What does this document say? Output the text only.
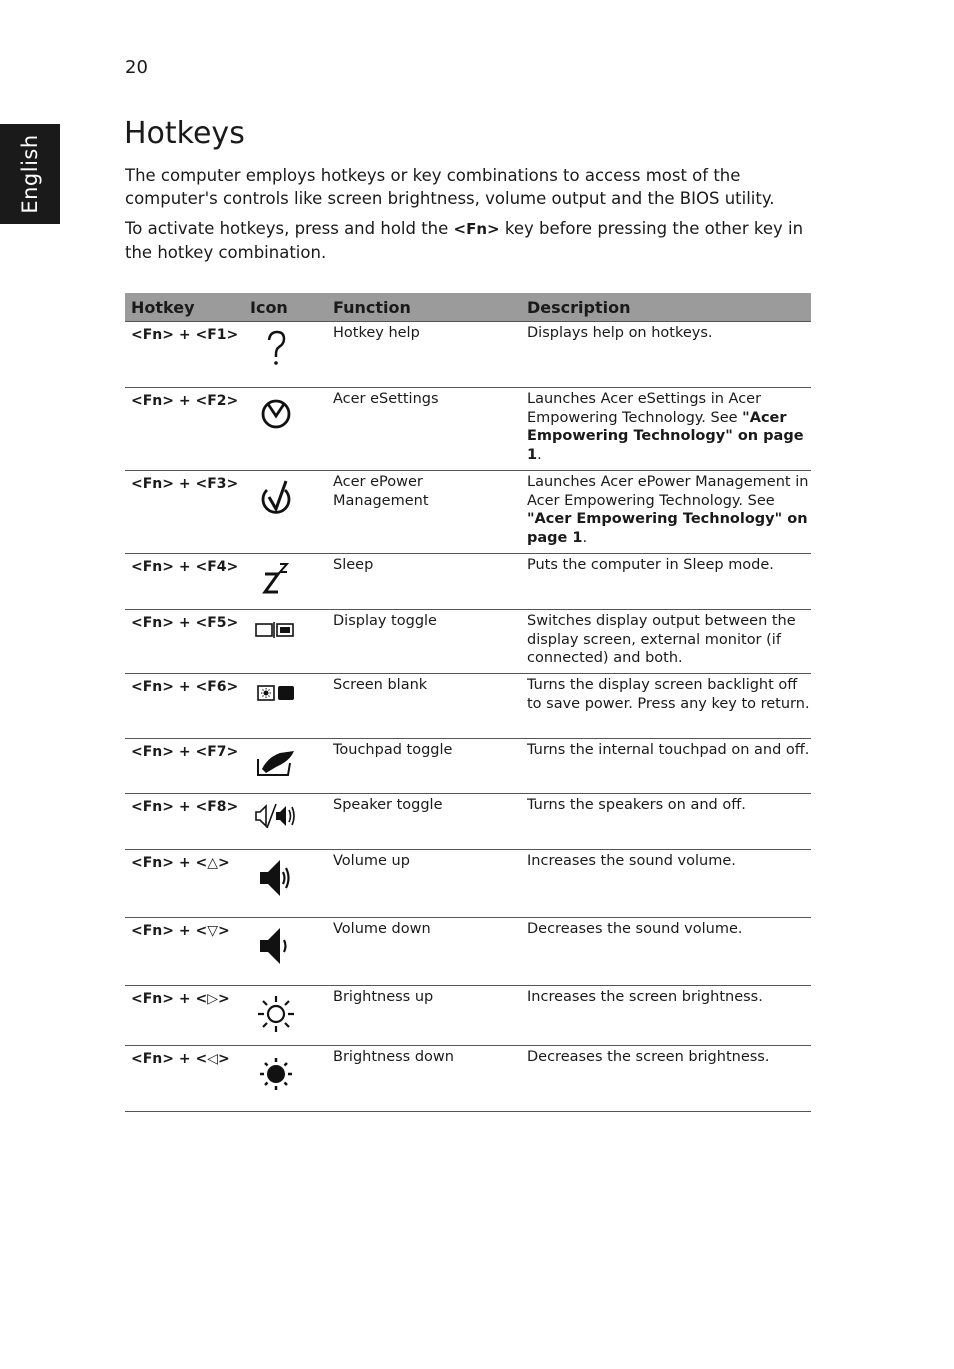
English
20
Hotkeys

The computer employs hotkeys or key combinations to access most of the computer's controls like screen brightness, volume output and the BIOS utility.

To activate hotkeys, press and hold the <Fn> key before pressing the other key in the hotkey combination.

Hotkey	Icon	Function	Description
<Fn> + <F1>		Hotkey help	Displays help on hotkeys.
<Fn> + <F2>		Acer eSettings	Launches Acer eSettings in Acer Empowering Technology. See "Acer Empowering Technology" on page 1.
<Fn> + <F3>		Acer ePower Management	Launches Acer ePower Management in Acer Empowering Technology. See "Acer Empowering Technology" on page 1.
<Fn> + <F4>		Sleep	Puts the computer in Sleep mode.
<Fn> + <F5>		Display toggle	Switches display output between the display screen, external monitor (if connected) and both.
<Fn> + <F6>		Screen blank	Turns the display screen backlight off to save power. Press any key to return.
<Fn> + <F7>		Touchpad toggle	Turns the internal touchpad on and off.
<Fn> + <F8>		Speaker toggle	Turns the speakers on and off.
<Fn> + <△>		Volume up	Increases the sound volume.
<Fn> + <▽>		Volume down	Decreases the sound volume.
<Fn> + <▷>		Brightness up	Increases the screen brightness.
<Fn> + <◁>		Brightness down	Decreases the screen brightness.
